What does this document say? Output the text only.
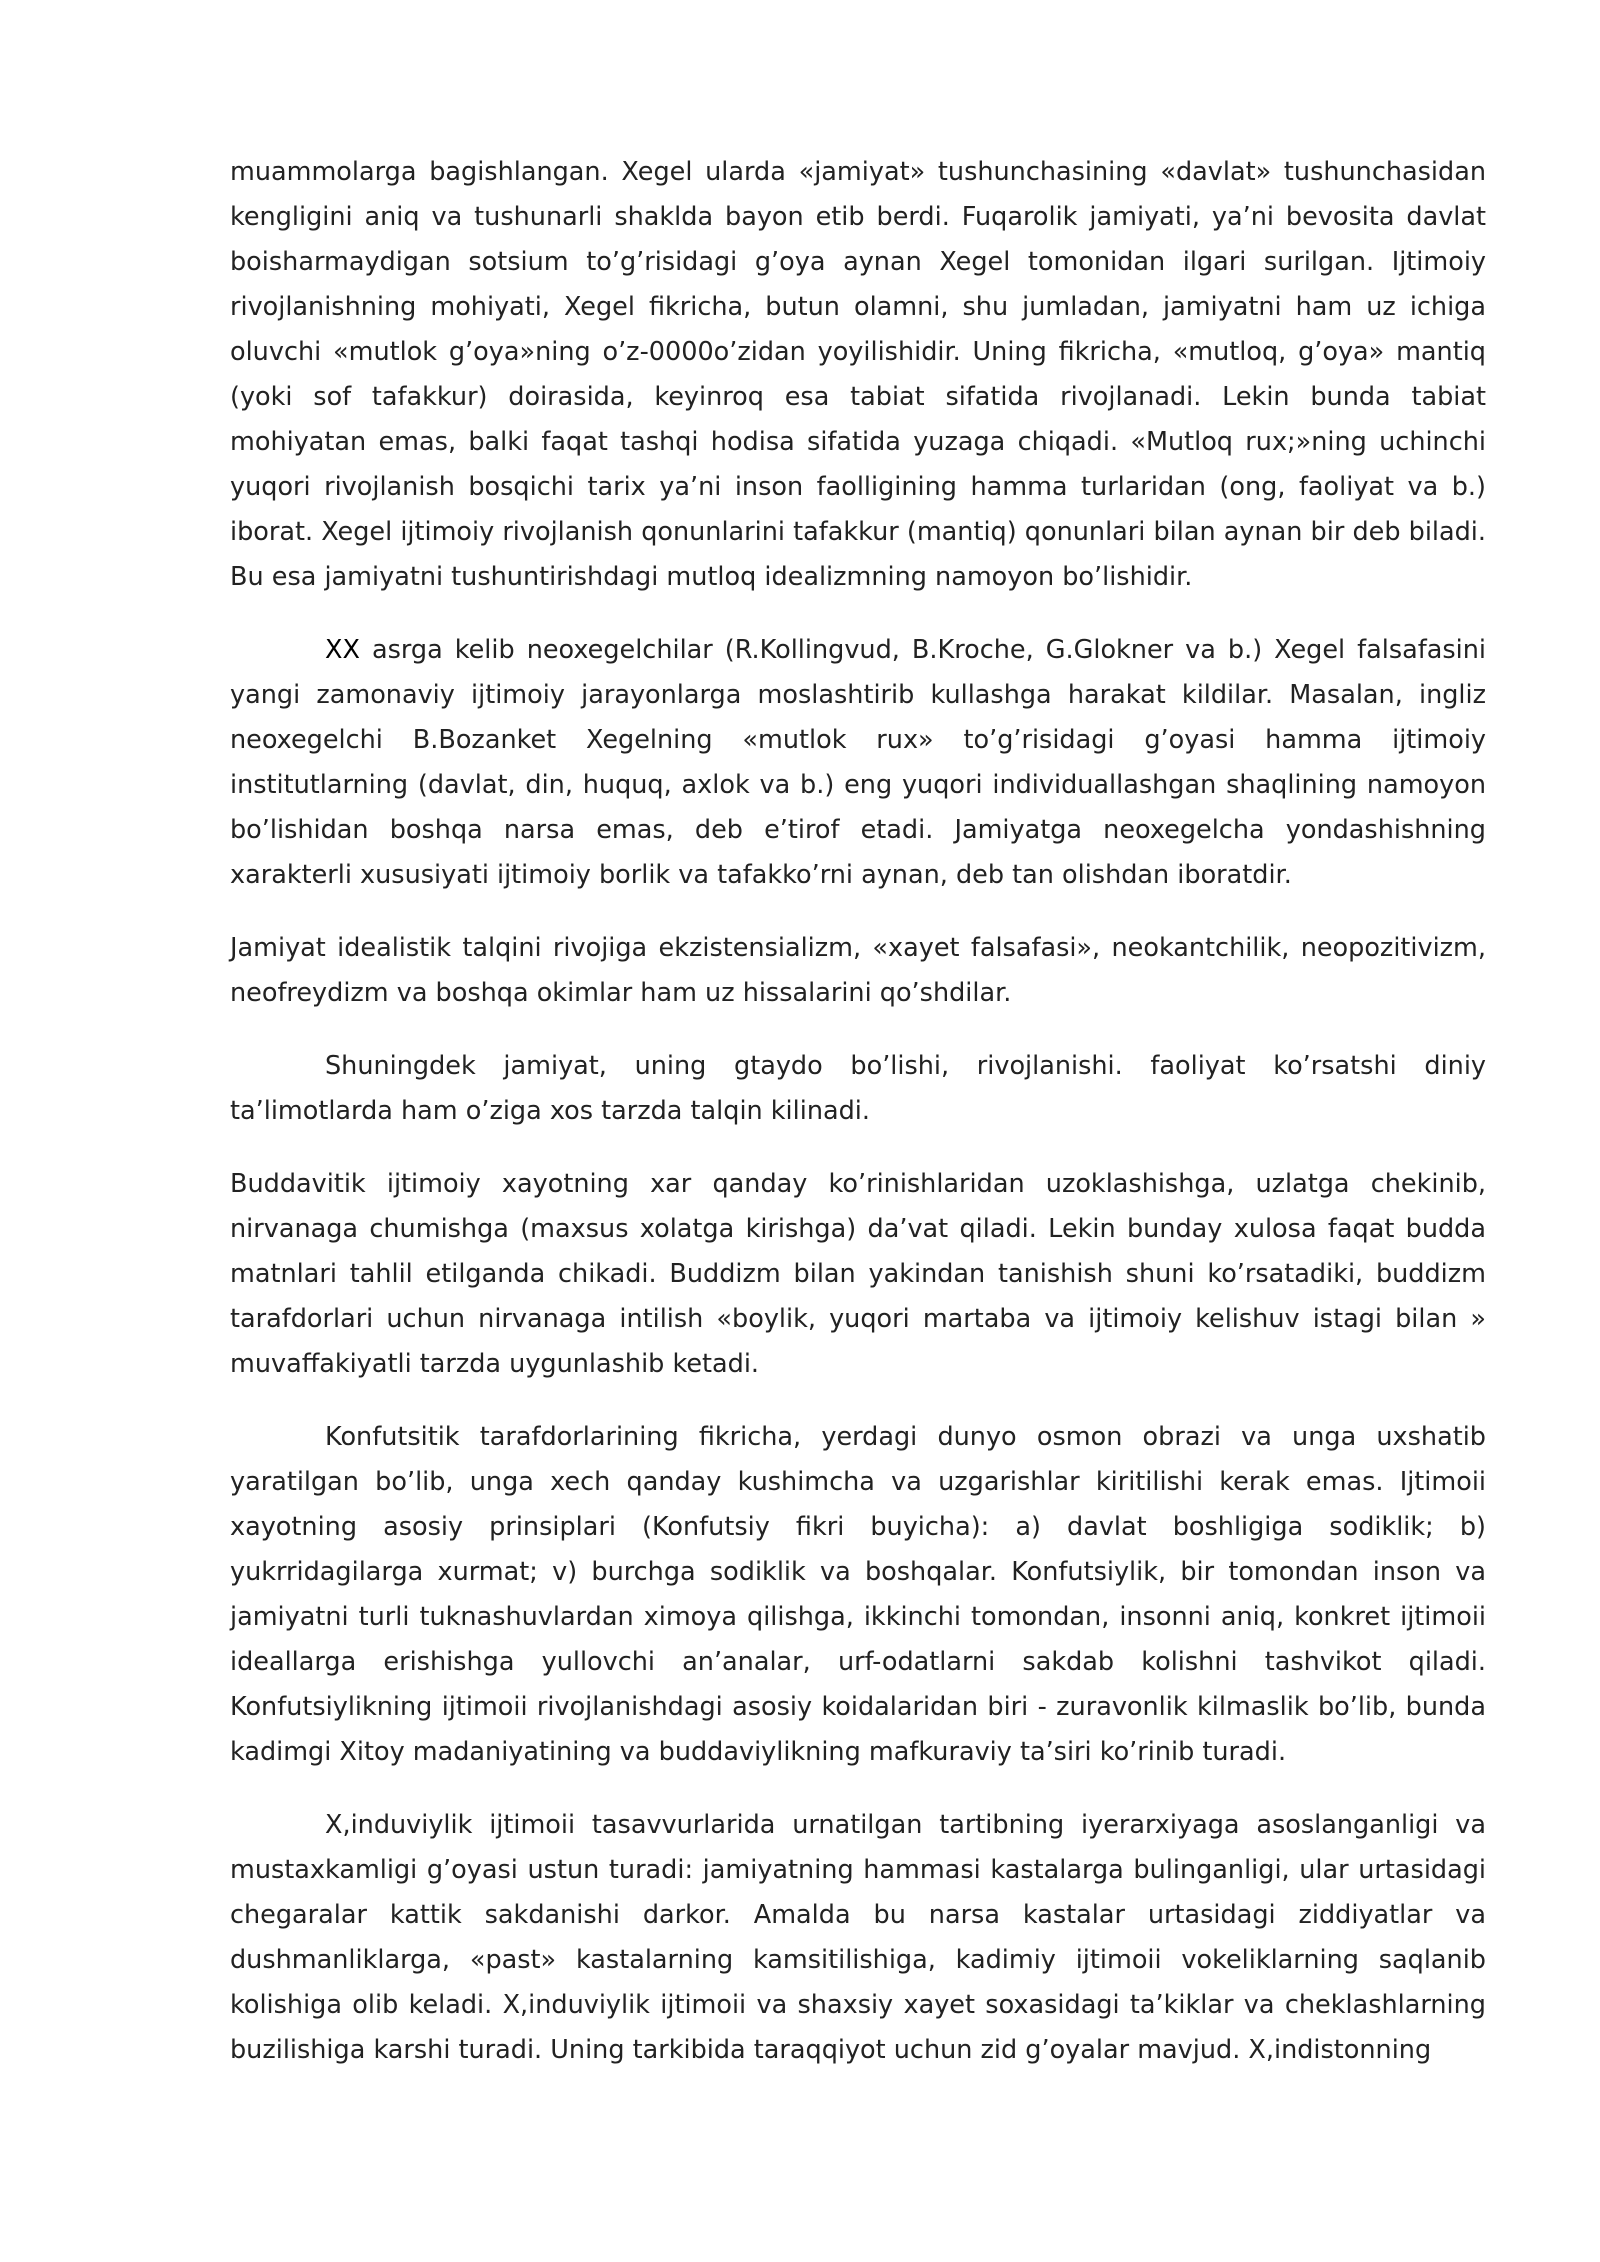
muammolarga bagishlangan. Xegel ularda «jamiyat» tushunchasining «davlat» tushunchasidan kengligini aniq va tushunarli shaklda bayon etib berdi. Fuqarolik jamiyati, ya’ni bevosita davlat boisharmaydigan sotsium to’g’risidagi g’oya aynan Xegel tomonidan ilgari surilgan. Ijtimoiy rivojlanishning mohiyati, Xegel fikricha, butun olamni, shu jumladan, jamiyatni ham uz ichiga oluvchi «mutlok g’oya»ning o’z-0000o’zidan yoyilishidir. Uning fikricha, «mutloq, g’oya» mantiq (yoki sof tafakkur) doirasida, keyinroq esa tabiat sifatida rivojlanadi. Lekin bunda tabiat mohiyatan emas, balki faqat tashqi hodisa sifatida yuzaga chiqadi. «Mutloq rux;»ning uchinchi yuqori rivojlanish bosqichi tarix ya’ni inson faolligining hamma turlaridan (ong, faoliyat va b.) iborat. Xegel ijtimoiy rivojlanish qonunlarini tafakkur (mantiq) qonunlari bilan aynan bir deb biladi. Bu esa jamiyatni tushuntirishdagi mutloq idealizmning namoyon bo’lishidir.

XX asrga kelib neoxegelchilar (R.Kollingvud, B.Kroche, G.Glokner va b.) Xegel falsafasini yangi zamonaviy ijtimoiy jarayonlarga moslashtirib kullashga harakat kildilar. Masalan, ingliz neoxegelchi B.Bozanket Xegelning «mutlok rux» to’g’risidagi g’oyasi hamma ijtimoiy institutlarning (davlat, din, huquq, axlok va b.) eng yuqori individuallashgan shaqlining namoyon bo’lishidan boshqa narsa emas, deb e’tirof etadi. Jamiyatga neoxegelcha yondashishning xarakterli xususiyati ijtimoiy borlik va tafakko’rni aynan, deb tan olishdan iboratdir.

Jamiyat idealistik talqini rivojiga ekzistensializm, «xayet falsafasi», neokantchilik, neopozitivizm, neofreydizm va boshqa okimlar ham uz hissalarini qo’shdilar.

Shuningdek jamiyat, uning gtaydo bo’lishi, rivojlanishi. faoliyat ko’rsatshi diniy ta’limotlarda ham o’ziga xos tarzda talqin kilinadi.

Buddavitik ijtimoiy xayotning xar qanday ko’rinishlaridan uzoklashishga, uzlatga chekinib, nirvanaga chumishga (maxsus xolatga kirishga) da’vat qiladi. Lekin bunday xulosa faqat budda matnlari tahlil etilganda chikadi. Buddizm bilan yakindan tanishish shuni ko’rsatadiki, buddizm tarafdorlari uchun nirvanaga intilish «boylik, yuqori martaba va ijtimoiy kelishuv istagi bilan » muvaffakiyatli tarzda uygunlashib ketadi.

Konfutsitik tarafdorlarining fikricha, yerdagi dunyo osmon obrazi va unga uxshatib yaratilgan bo’lib, unga xech qanday kushimcha va uzgarishlar kiritilishi kerak emas. Ijtimoii xayotning asosiy prinsiplari (Konfutsiy fikri buyicha): a) davlat boshligiga sodiklik; b) yukrridagilarga xurmat; v) burchga sodiklik va boshqalar. Konfutsiylik, bir tomondan inson va jamiyatni turli tuknashuvlardan ximoya qilishga, ikkinchi tomondan, insonni aniq, konkret ijtimoii ideallarga erishishga yullovchi an’analar, urf-odatlarni sakdab kolishni tashvikot qiladi. Konfutsiylikning ijtimoii rivojlanishdagi asosiy koidalaridan biri - zuravonlik kilmaslik bo’lib, bunda kadimgi Xitoy madaniyatining va buddaviylikning mafkuraviy ta’siri ko’rinib turadi.

X,induviylik ijtimoii tasavvurlarida urnatilgan tartibning iyerarxiyaga asoslanganligi va mustaxkamligi g’oyasi ustun turadi: jamiyatning hammasi kastalarga bulinganligi, ular urtasidagi chegaralar kattik sakdanishi darkor. Amalda bu narsa kastalar urtasidagi ziddiyatlar va dushmanliklarga, «past» kastalarning kamsitilishiga, kadimiy ijtimoii vokeliklarning saqlanib kolishiga olib keladi. X,induviylik ijtimoii va shaxsiy xayet soxasidagi ta’kiklar va cheklashlarning buzilishiga karshi turadi. Uning tarkibida taraqqiyot uchun zid g’oyalar mavjud. X,indistonning
